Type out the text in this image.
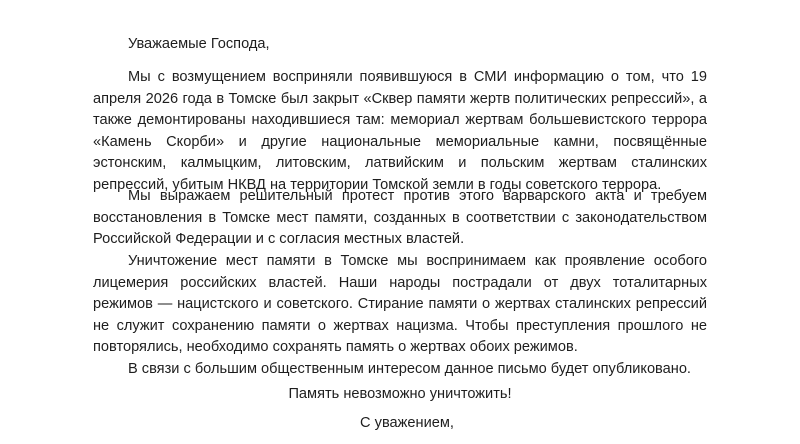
Уважаемые Господа,

Мы с возмущением восприняли появившуюся в СМИ информацию о том, что 19 апреля 2026 года в Томске был закрыт «Сквер памяти жертв политических репрессий», а также демонтированы находившиеся там: мемориал жертвам большевистского террора «Камень Скорби» и другие национальные мемориальные камни, посвящённые эстонским, калмыцким, литовским, латвийским и польским жертвам сталинских репрессий, убитым НКВД на территории Томской земли в годы советского террора.

Мы выражаем решительный протест против этого варварского акта и требуем восстановления в Томске мест памяти, созданных в соответствии с законодательством Российской Федерации и с согласия местных властей.

Уничтожение мест памяти в Томске мы воспринимаем как проявление особого лицемерия российских властей. Наши народы пострадали от двух тоталитарных режимов — нацистского и советского. Стирание памяти о жертвах сталинских репрессий не служит сохранению памяти о жертвах нацизма. Чтобы преступления прошлого не повторялись, необходимо сохранять память о жертвах обоих режимов.

В связи с большим общественным интересом данное письмо будет опубликовано.

Память невозможно уничтожить!

С уважением,
